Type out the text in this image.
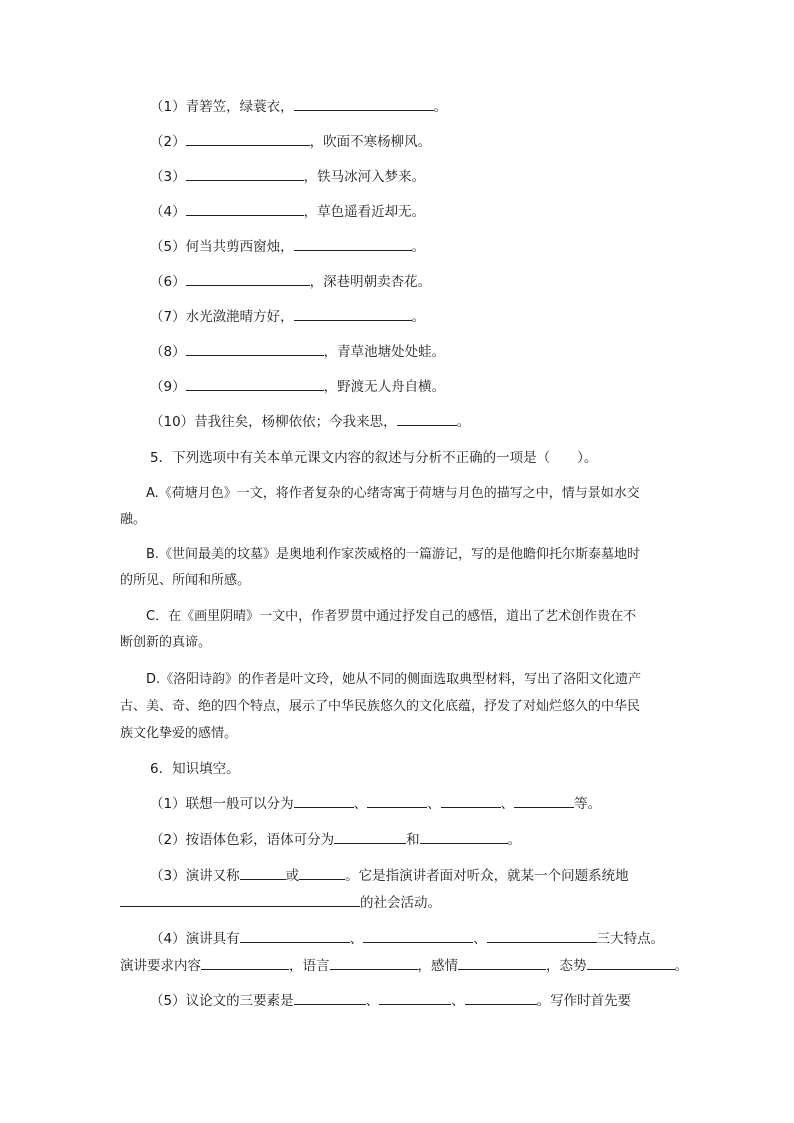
（1）青箬笠，绿蓑衣，	。
（2）	，吹面不寒杨柳风。
（3）	，铁马冰河入梦来。
（4）	，草色遥看近却无。
（5）何当共剪西窗烛，	。
（6）	，深巷明朝卖杏花。
（7）水光潋滟晴方好，	。
（8）	，青草池塘处处蛙。
（9）	，野渡无人舟自横。
（10）昔我往矣，杨柳依依；今我来思，	。
5．下列选项中有关本单元课文内容的叙述与分析不正确的一项是（　　）。
A.《荷塘月色》一文，将作者复杂的心绪寄寓于荷塘与月色的描写之中，情与景如水交
融。
B.《世间最美的坟墓》是奥地利作家茨威格的一篇游记，写的是他瞻仰托尔斯泰墓地时
的所见、所闻和所感。
C．在《画里阴晴》一文中，作者罗贯中通过抒发自己的感悟，道出了艺术创作贵在不
断创新的真谛。
D.《洛阳诗韵》的作者是叶文玲，她从不同的侧面选取典型材料，写出了洛阳文化遗产
古、美、奇、绝的四个特点，展示了中华民族悠久的文化底蕴，抒发了对灿烂悠久的中华民
族文化挚爱的感情。
6．知识填空。
（1）联想一般可以分为	、	、	、	等。
（2）按语体色彩，语体可分为	和	。
（3）演讲又称	或	。它是指演讲者面对听众，就某一个问题系统地
的社会活动。
（4）演讲具有	、	、	三大特点。
演讲要求内容	，语言	，感情	，态势	。
（5）议论文的三要素是	、	、	。写作时首先要
